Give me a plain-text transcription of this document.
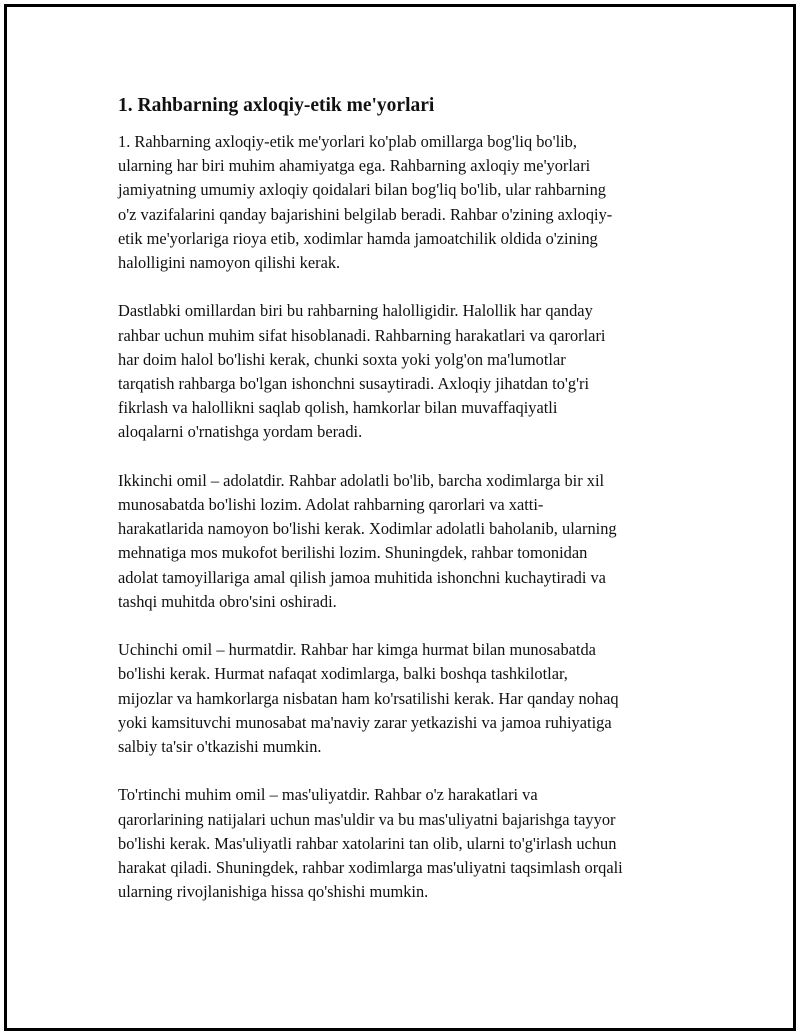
1. Rahbarning axloqiy-etik me'yorlari

1. Rahbarning axloqiy-etik me'yorlari ko'plab omillarga bog'liq bo'lib,
ularning har biri muhim ahamiyatga ega. Rahbarning axloqiy me'yorlari
jamiyatning umumiy axloqiy qoidalari bilan bog'liq bo'lib, ular rahbarning
o'z vazifalarini qanday bajarishini belgilab beradi. Rahbar o'zining axloqiy-
etik me'yorlariga rioya etib, xodimlar hamda jamoatchilik oldida o'zining
halolligini namoyon qilishi kerak.

Dastlabki omillardan biri bu rahbarning halolligidir. Halollik har qanday
rahbar uchun muhim sifat hisoblanadi. Rahbarning harakatlari va qarorlari
har doim halol bo'lishi kerak, chunki soxta yoki yolg'on ma'lumotlar
tarqatish rahbarga bo'lgan ishonchni susaytiradi. Axloqiy jihatdan to'g'ri
fikrlash va halollikni saqlab qolish, hamkorlar bilan muvaffaqiyatli
aloqalarni o'rnatishga yordam beradi.

Ikkinchi omil – adolatdir. Rahbar adolatli bo'lib, barcha xodimlarga bir xil
munosabatda bo'lishi lozim. Adolat rahbarning qarorlari va xatti-
harakatlarida namoyon bo'lishi kerak. Xodimlar adolatli baholanib, ularning
mehnatiga mos mukofot berilishi lozim. Shuningdek, rahbar tomonidan
adolat tamoyillariga amal qilish jamoa muhitida ishonchni kuchaytiradi va
tashqi muhitda obro'sini oshiradi.

Uchinchi omil – hurmatdir. Rahbar har kimga hurmat bilan munosabatda
bo'lishi kerak. Hurmat nafaqat xodimlarga, balki boshqa tashkilotlar,
mijozlar va hamkorlarga nisbatan ham ko'rsatilishi kerak. Har qanday nohaq
yoki kamsituvchi munosabat ma'naviy zarar yetkazishi va jamoa ruhiyatiga
salbiy ta'sir o'tkazishi mumkin.

To'rtinchi muhim omil – mas'uliyatdir. Rahbar o'z harakatlari va
qarorlarining natijalari uchun mas'uldir va bu mas'uliyatni bajarishga tayyor
bo'lishi kerak. Mas'uliyatli rahbar xatolarini tan olib, ularni to'g'irlash uchun
harakat qiladi. Shuningdek, rahbar xodimlarga mas'uliyatni taqsimlash orqali
ularning rivojlanishiga hissa qo'shishi mumkin.
